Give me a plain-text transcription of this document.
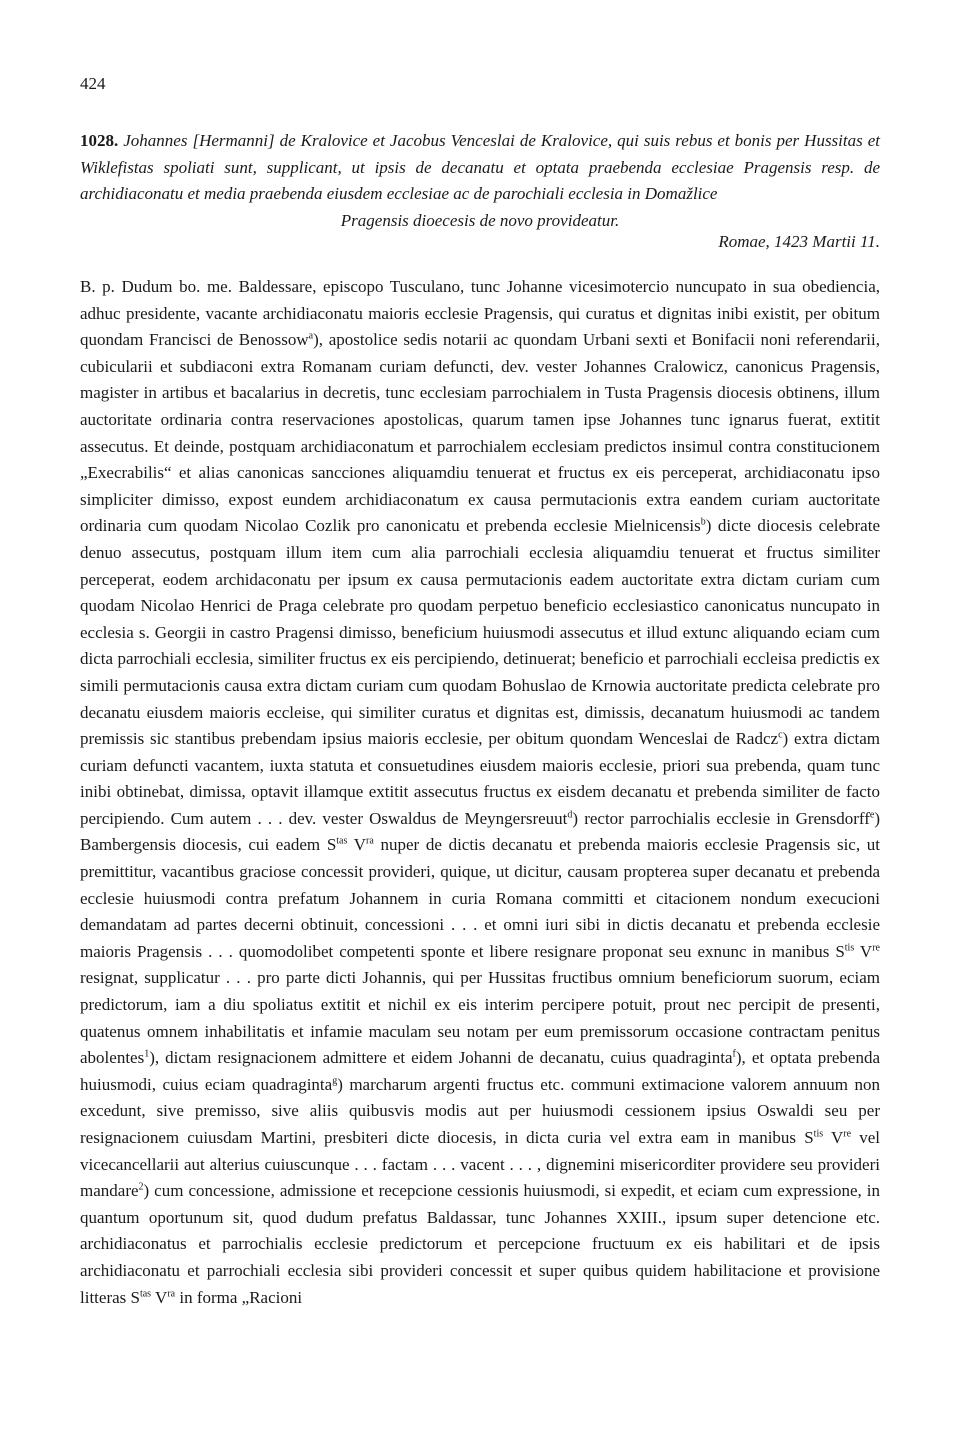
424
1028. Johannes [Hermanni] de Kralovice et Jacobus Venceslai de Kralovice, qui suis rebus et bonis per Hussitas et Wiklefistas spoliati sunt, supplicant, ut ipsis de decanatu et optata praebenda ecclesiae Pragensis resp. de archidiaconatu et media praebenda eiusdem ecclesiae ac de parochiali ecclesia in Domažlice
Pragensis dioecesis de novo provideatur.
Romae, 1423 Martii 11.
B. p. Dudum bo. me. Baldessare, episcopo Tusculano, tunc Johanne vicesimotercio nuncupato in sua obediencia, adhuc presidente, vacante archidiaconatu maioris ecclesie Pragensis, qui curatus et dignitas inibi existit, per obitum quondam Francisci de Benossow$^a$), apostolice sedis notarii ac quondam Urbani sexti et Bonifacii noni referendarii, cubicularii et subdiaconi extra Romanam curiam defuncti, dev. vester Johannes Cralowicz, canonicus Pragensis, magister in artibus et bacalarius in decretis, tunc ecclesiam parrochialem in Tusta Pragensis diocesis obtinens, illum auctoritate ordinaria contra reservaciones apostolicas, quarum tamen ipse Johannes tunc ignarus fuerat, extitit assecutus. Et deinde, postquam archidiaconatum et parrochialem ecclesiam predictos insimul contra constitucionem „Execrabilis“ et alias canonicas sancciones aliquamdiu tenuerat et fructus ex eis perceperat, archidiaconatu ipso simpliciter dimisso, expost eundem archidiaconatum ex causa permutacionis extra eandem curiam auctoritate ordinaria cum quodam Nicolao Cozlik pro canonicatu et prebenda ecclesie Mielnicensis$^b$) dicte diocesis celebrate denuo assecutus, postquam illum item cum alia parrochiali ecclesia aliquamdiu tenuerat et fructus similiter perceperat, eodem archidaconatu per ipsum ex causa permutacionis eadem auctoritate extra dictam curiam cum quodam Nicolao Henrici de Praga celebrate pro quodam perpetuo beneficio ecclesiastico canonicatus nuncupato in ecclesia s. Georgii in castro Pragensi dimisso, beneficium huiusmodi assecutus et illud extunc aliquando eciam cum dicta parrochiali ecclesia, similiter fructus ex eis percipiendo, detinuerat; beneficio et parrochiali eccleisa predictis ex simili permutacionis causa extra dictam curiam cum quodam Bohuslao de Krnowia auctoritate predicta celebrate pro decanatu eiusdem maioris eccleise, qui similiter curatus et dignitas est, dimissis, decanatum huiusmodi ac tandem premissis sic stantibus prebendam ipsius maioris ecclesie, per obitum quondam Wenceslai de Radcz$^c$) extra dictam curiam defuncti vacantem, iuxta statuta et consuetudines eiusdem maioris ecclesie, priori sua prebenda, quam tunc inibi obtinebat, dimissa, optavit illamque extitit assecutus fructus ex eisdem decanatu et prebenda similiter de facto percipiendo. Cum autem . . . dev. vester Oswaldus de Meyngersreuut$^d$) rector parrochialis ecclesie in Grensdorff$^e$) Bambergensis diocesis, cui eadem $S^{tas}$ $V^{ra}$ nuper de dictis decanatu et prebenda maioris ecclesie Pragensis sic, ut premittitur, vacantibus graciose concessit provideri, quique, ut dicitur, causam propterea super decanatu et prebenda ecclesie huiusmodi contra prefatum Johannem in curia Romana committi et citacionem nondum execucioni demandatam ad partes decerni obtinuit, concessioni . . . et omni iuri sibi in dictis decanatu et prebenda ecclesie maioris Pragensis . . . quomodolibet competenti sponte et libere resignare proponat seu exnunc in manibus $S^{tis}$ Vre resignat, supplicatur . . . pro parte dicti Johannis, qui per Hussitas fructibus omnium beneficiorum suorum, eciam predictorum, iam a diu spoliatus extitit et nichil ex eis interim percipere potuit, prout nec percipit de presenti, quatenus omnem inhabilitatis et infamie maculam seu notam per eum premissorum occasione contractam penitus abolentes$^1$), dictam resignacionem admittere et eidem Johanni de decanatu, cuius quadraginta$^f$), et optata prebenda huiusmodi, cuius eciam quadraginta$^g$) marcharum argenti fructus etc. communi extimacione valorem annuum non excedunt, sive premisso, sive aliis quibusvis modis aut per huiusmodi cessionem ipsius Oswaldi seu per resignacionem cuiusdam Martini, presbiteri dicte diocesis, in dicta curia vel extra eam in manibus $S^{tis}$ Vre vel vicecancellarii aut alterius cuiuscunque . . . factam . . . vacent . . . , dignemini misericorditer providere seu provideri mandare$^2$) cum concessione, admissione et recepcione cessionis huiusmodi, si expedit, et eciam cum expressione, in quantum oportunum sit, quod dudum prefatus Baldassar, tunc Johannes XXIII., ipsum super detencione etc. archidiaconatus et parrochialis ecclesie predictorum et percepcione fructuum ex eis habilitari et de ipsis archidiaconatu et parrochiali ecclesia sibi provideri concessit et super quibus quidem habilitacione et provisione litteras $S^{tas}$ $V^{ra}$ in forma „Racioni
